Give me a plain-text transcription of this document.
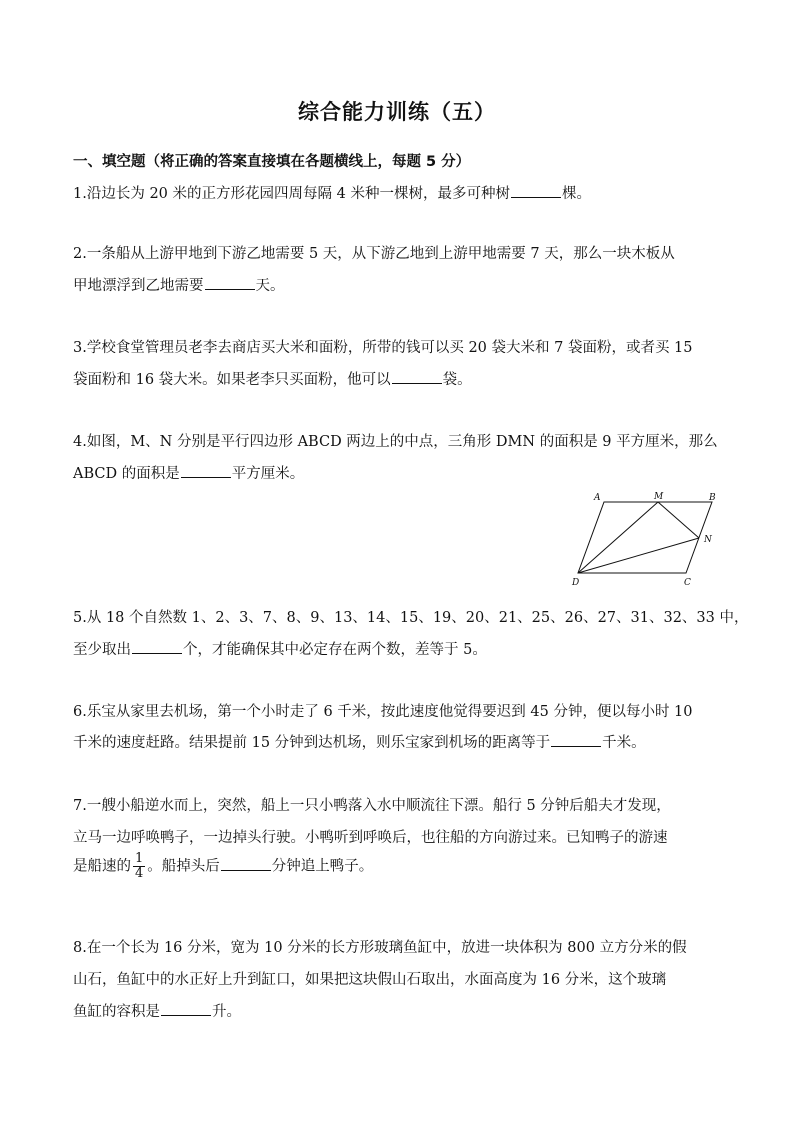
综合能力训练（五）
一、填空题（将正确的答案直接填在各题横线上，每题 5 分）
1.沿边长为 20 米的正方形花园四周每隔 4 米种一棵树，最多可种树	棵。
2.一条船从上游甲地到下游乙地需要 5 天，从下游乙地到上游甲地需要 7 天，那么一块木板从
甲地漂浮到乙地需要	天。
3.学校食堂管理员老李去商店买大米和面粉，所带的钱可以买 20 袋大米和 7 袋面粉，或者买 15
袋面粉和 16 袋大米。如果老李只买面粉，他可以	袋。
4.如图，M、N 分别是平行四边形 ABCD 两边上的中点，三角形 DMN 的面积是 9 平方厘米，那么
ABCD 的面积是	平方厘米。
A	M	B
N
D	C
5.从 18 个自然数 1、2、3、7、8、9、13、14、15、19、20、21、25、26、27、31、32、33 中，
至少取出	个，才能确保其中必定存在两个数，差等于 5。
6.乐宝从家里去机场，第一个小时走了 6 千米，按此速度他觉得要迟到 45 分钟，便以每小时 10
千米的速度赶路。结果提前 15 分钟到达机场，则乐宝家到机场的距离等于	千米。
7.一艘小船逆水而上，突然，船上一只小鸭落入水中顺流往下漂。船行 5 分钟后船夫才发现，
立马一边呼唤鸭子，一边掉头行驶。小鸭听到呼唤后，也往船的方向游过来。已知鸭子的游速
是船速的 $\frac{1}{4}$ 。船掉头后	分钟追上鸭子。
8.在一个长为 16 分米，宽为 10 分米的长方形玻璃鱼缸中，放进一块体积为 800 立方分米的假
山石，鱼缸中的水正好上升到缸口，如果把这块假山石取出，水面高度为 16 分米，这个玻璃
鱼缸的容积是	升。
